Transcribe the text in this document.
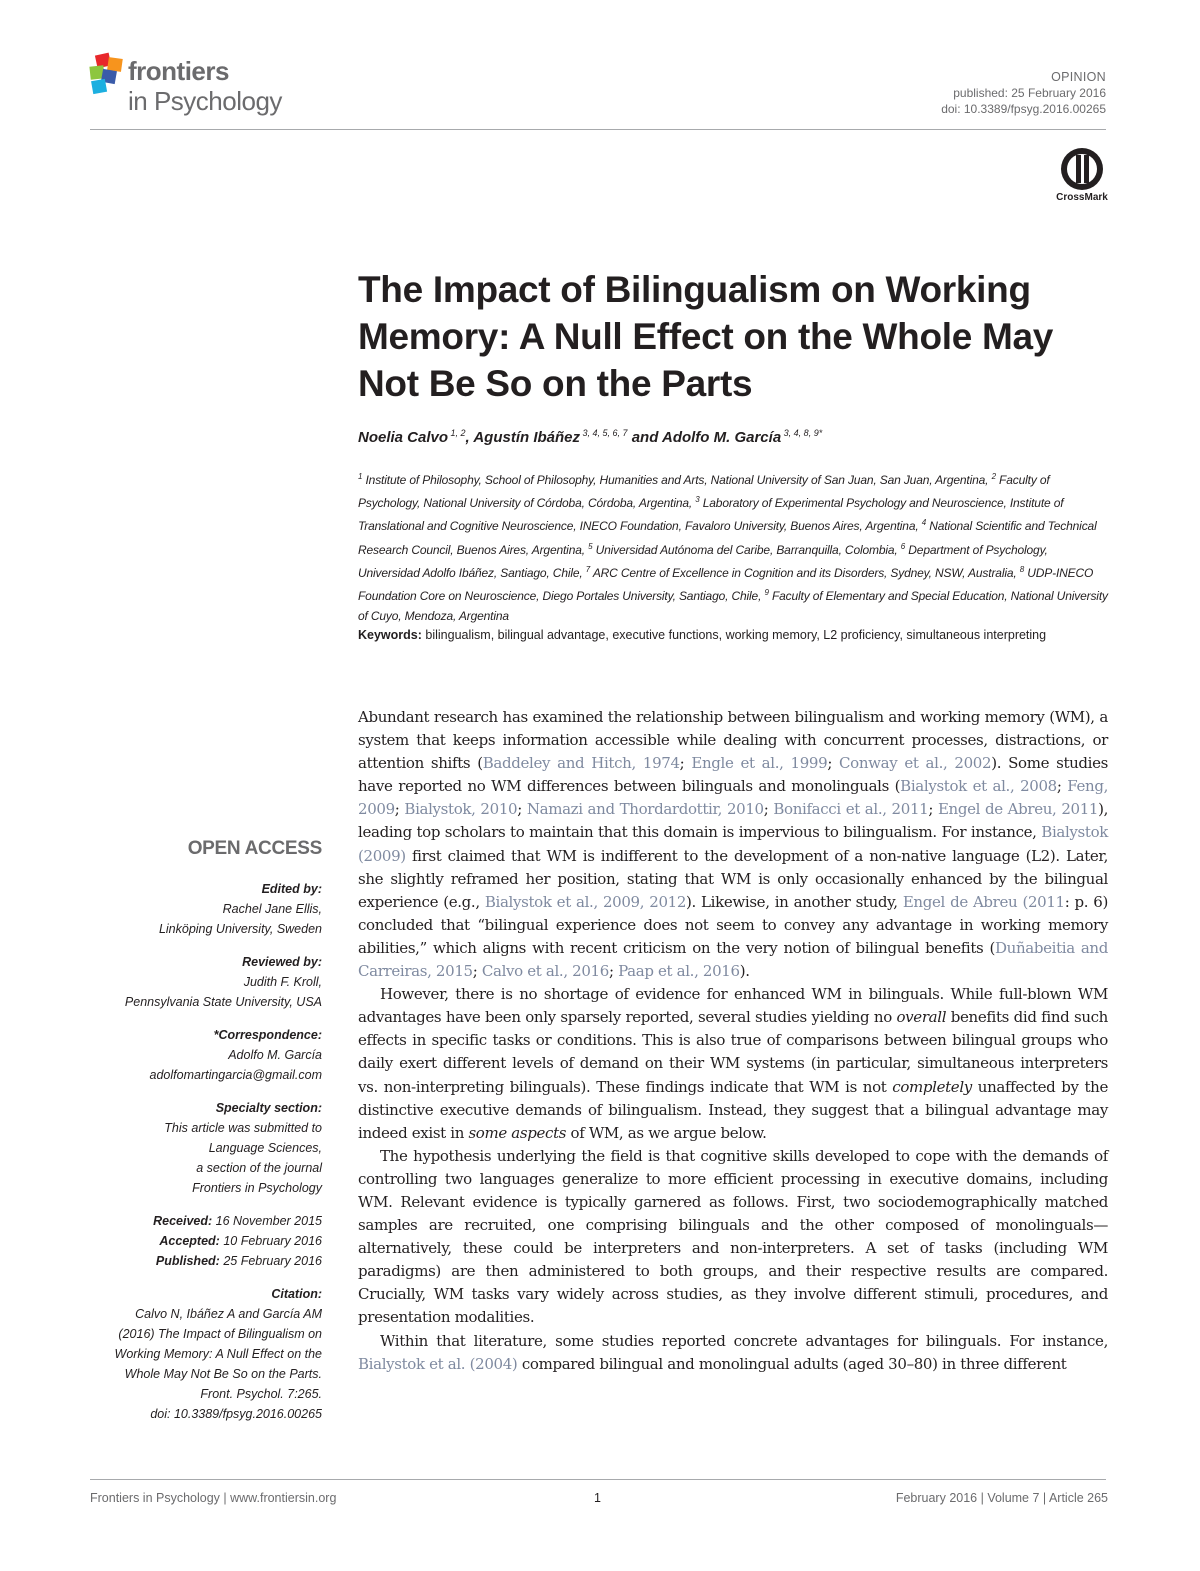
frontiers
in Psychology
OPINION
published: 25 February 2016
doi: 10.3389/fpsyg.2016.00265
CrossMark
The Impact of Bilingualism on Working Memory: A Null Effect on the Whole May Not Be So on the Parts
Noelia Calvo $^{1, 2}$, Agustín Ibáñez $^{3, 4, 5, 6, 7}$ and Adolfo M. García $^{3, 4, 8, 9*}$
$^1$ Institute of Philosophy, School of Philosophy, Humanities and Arts, National University of San Juan, San Juan, Argentina, $^2$ Faculty of Psychology, National University of Córdoba, Córdoba, Argentina, $^3$ Laboratory of Experimental Psychology and Neuroscience, Institute of Translational and Cognitive Neuroscience, INECO Foundation, Favaloro University, Buenos Aires, Argentina, $^4$ National Scientific and Technical Research Council, Buenos Aires, Argentina, $^5$ Universidad Autónoma del Caribe, Barranquilla, Colombia, $^6$ Department of Psychology, Universidad Adolfo Ibáñez, Santiago, Chile, $^7$ ARC Centre of Excellence in Cognition and its Disorders, Sydney, NSW, Australia, $^8$ UDP-INECO Foundation Core on Neuroscience, Diego Portales University, Santiago, Chile, $^9$ Faculty of Elementary and Special Education, National University of Cuyo, Mendoza, Argentina
Keywords: bilingualism, bilingual advantage, executive functions, working memory, L2 proficiency, simultaneous interpreting
OPEN ACCESS
Edited by:
Rachel Jane Ellis,
Linköping University, Sweden
Reviewed by:
Judith F. Kroll,
Pennsylvania State University, USA
*Correspondence:
Adolfo M. García
adolfomartingarcia@gmail.com
Specialty section:
This article was submitted to
Language Sciences,
a section of the journal
Frontiers in Psychology
Received: 16 November 2015
Accepted: 10 February 2016
Published: 25 February 2016
Citation:
Calvo N, Ibáñez A and García AM
(2016) The Impact of Bilingualism on
Working Memory: A Null Effect on the
Whole May Not Be So on the Parts.
Front. Psychol. 7:265.
doi: 10.3389/fpsyg.2016.00265

Abundant research has examined the relationship between bilingualism and working memory (WM), a system that keeps information accessible while dealing with concurrent processes, distractions, or attention shifts (Baddeley and Hitch, 1974; Engle et al., 1999; Conway et al., 2002). Some studies have reported no WM differences between bilinguals and monolinguals (Bialystok et al., 2008; Feng, 2009; Bialystok, 2010; Namazi and Thordardottir, 2010; Bonifacci et al., 2011; Engel de Abreu, 2011), leading top scholars to maintain that this domain is impervious to bilingualism. For instance, Bialystok (2009) first claimed that WM is indifferent to the development of a non-native language (L2). Later, she slightly reframed her position, stating that WM is only occasionally enhanced by the bilingual experience (e.g., Bialystok et al., 2009, 2012). Likewise, in another study, Engel de Abreu (2011: p. 6) concluded that “bilingual experience does not seem to convey any advantage in working memory abilities,” which aligns with recent criticism on the very notion of bilingual benefits (Duñabeitia and Carreiras, 2015; Calvo et al., 2016; Paap et al., 2016).

However, there is no shortage of evidence for enhanced WM in bilinguals. While full-blown WM advantages have been only sparsely reported, several studies yielding no overall benefits did find such effects in specific tasks or conditions. This is also true of comparisons between bilingual groups who daily exert different levels of demand on their WM systems (in particular, simultaneous interpreters vs. non-interpreting bilinguals). These findings indicate that WM is not completely unaffected by the distinctive executive demands of bilingualism. Instead, they suggest that a bilingual advantage may indeed exist in some aspects of WM, as we argue below.

The hypothesis underlying the field is that cognitive skills developed to cope with the demands of controlling two languages generalize to more efficient processing in executive domains, including WM. Relevant evidence is typically garnered as follows. First, two sociodemographically matched samples are recruited, one comprising bilinguals and the other composed of monolinguals—alternatively, these could be interpreters and non-interpreters. A set of tasks (including WM paradigms) are then administered to both groups, and their respective results are compared. Crucially, WM tasks vary widely across studies, as they involve different stimuli, procedures, and presentation modalities.

Within that literature, some studies reported concrete advantages for bilinguals. For instance, Bialystok et al. (2004) compared bilingual and monolingual adults (aged 30–80) in three different

Frontiers in Psychology | www.frontiersin.org	1	February 2016 | Volume 7 | Article 265
